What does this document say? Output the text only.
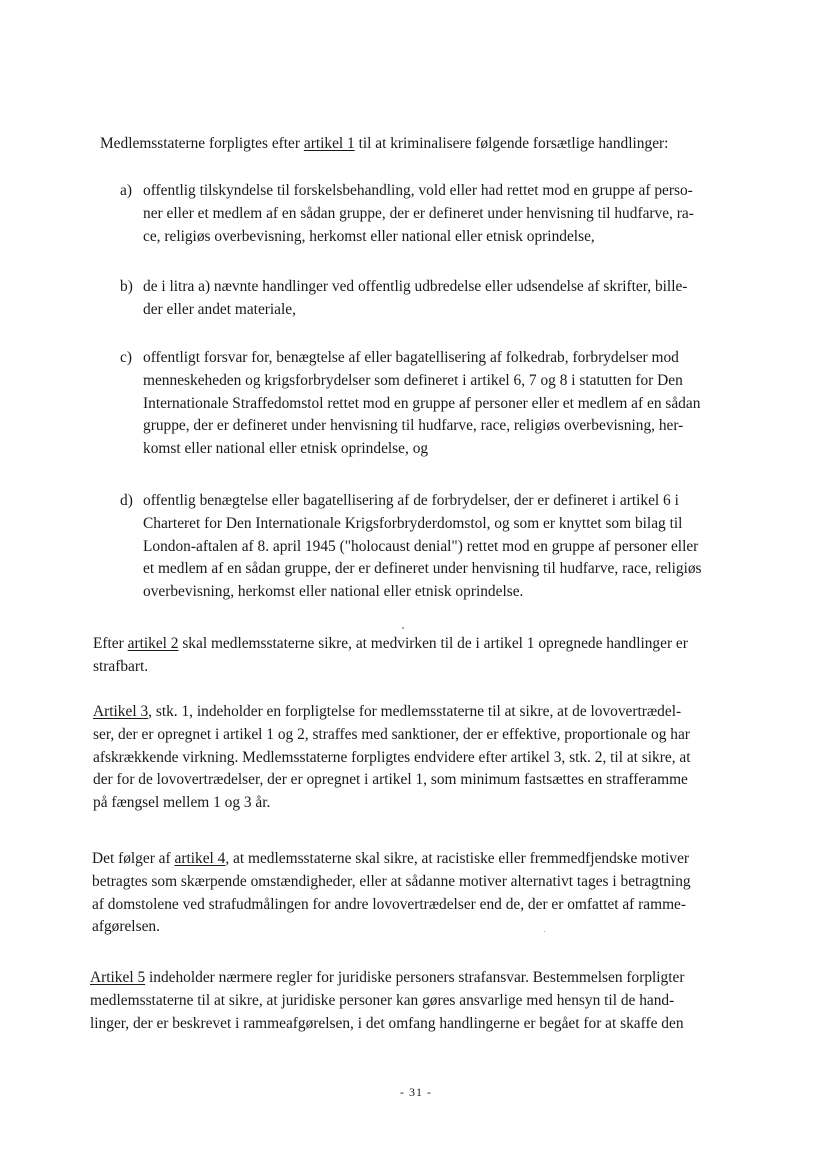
Medlemsstaterne forpligtes efter artikel 1 til at kriminalisere følgende forsætlige handlinger:

a) offentlig tilskyndelse til forskelsbehandling, vold eller had rettet mod en gruppe af perso-
ner eller et medlem af en sådan gruppe, der er defineret under henvisning til hudfarve, ra-
ce, religiøs overbevisning, herkomst eller national eller etnisk oprindelse,

b) de i litra a) nævnte handlinger ved offentlig udbredelse eller udsendelse af skrifter, bille-
der eller andet materiale,

c) offentligt forsvar for, benægtelse af eller bagatellisering af folkedrab, forbrydelser mod
menneskeheden og krigsforbrydelser som defineret i artikel 6, 7 og 8 i statutten for Den
Internationale Straffedomstol rettet mod en gruppe af personer eller et medlem af en sådan
gruppe, der er defineret under henvisning til hudfarve, race, religiøs overbevisning, her-
komst eller national eller etnisk oprindelse, og

d) offentlig benægtelse eller bagatellisering af de forbrydelser, der er defineret i artikel 6 i
Charteret for Den Internationale Krigsforbryderdomstol, og som er knyttet som bilag til
London-aftalen af 8. april 1945 ("holocaust denial") rettet mod en gruppe af personer eller
et medlem af en sådan gruppe, der er defineret under henvisning til hudfarve, race, religiøs
overbevisning, herkomst eller national eller etnisk oprindelse.

Efter artikel 2 skal medlemsstaterne sikre, at medvirken til de i artikel 1 opregnede handlinger er
strafbart.

Artikel 3, stk. 1, indeholder en forpligtelse for medlemsstaterne til at sikre, at de lovovertrædel-
ser, der er opregnet i artikel 1 og 2, straffes med sanktioner, der er effektive, proportionale og har
afskrækkende virkning. Medlemsstaterne forpligtes endvidere efter artikel 3, stk. 2, til at sikre, at
der for de lovovertrædelser, der er opregnet i artikel 1, som minimum fastsættes en strafferamme
på fængsel mellem 1 og 3 år.

Det følger af artikel 4, at medlemsstaterne skal sikre, at racistiske eller fremmedfjendske motiver
betragtes som skærpende omstændigheder, eller at sådanne motiver alternativt tages i betragtning
af domstolene ved strafudmålingen for andre lovovertrædelser end de, der er omfattet af ramme-
afgørelsen.

Artikel 5 indeholder nærmere regler for juridiske personers strafansvar. Bestemmelsen forpligter
medlemsstaterne til at sikre, at juridiske personer kan gøres ansvarlige med hensyn til de hand-
linger, der er beskrevet i rammeafgørelsen, i det omfang handlingerne er begået for at skaffe den

- 31 -
